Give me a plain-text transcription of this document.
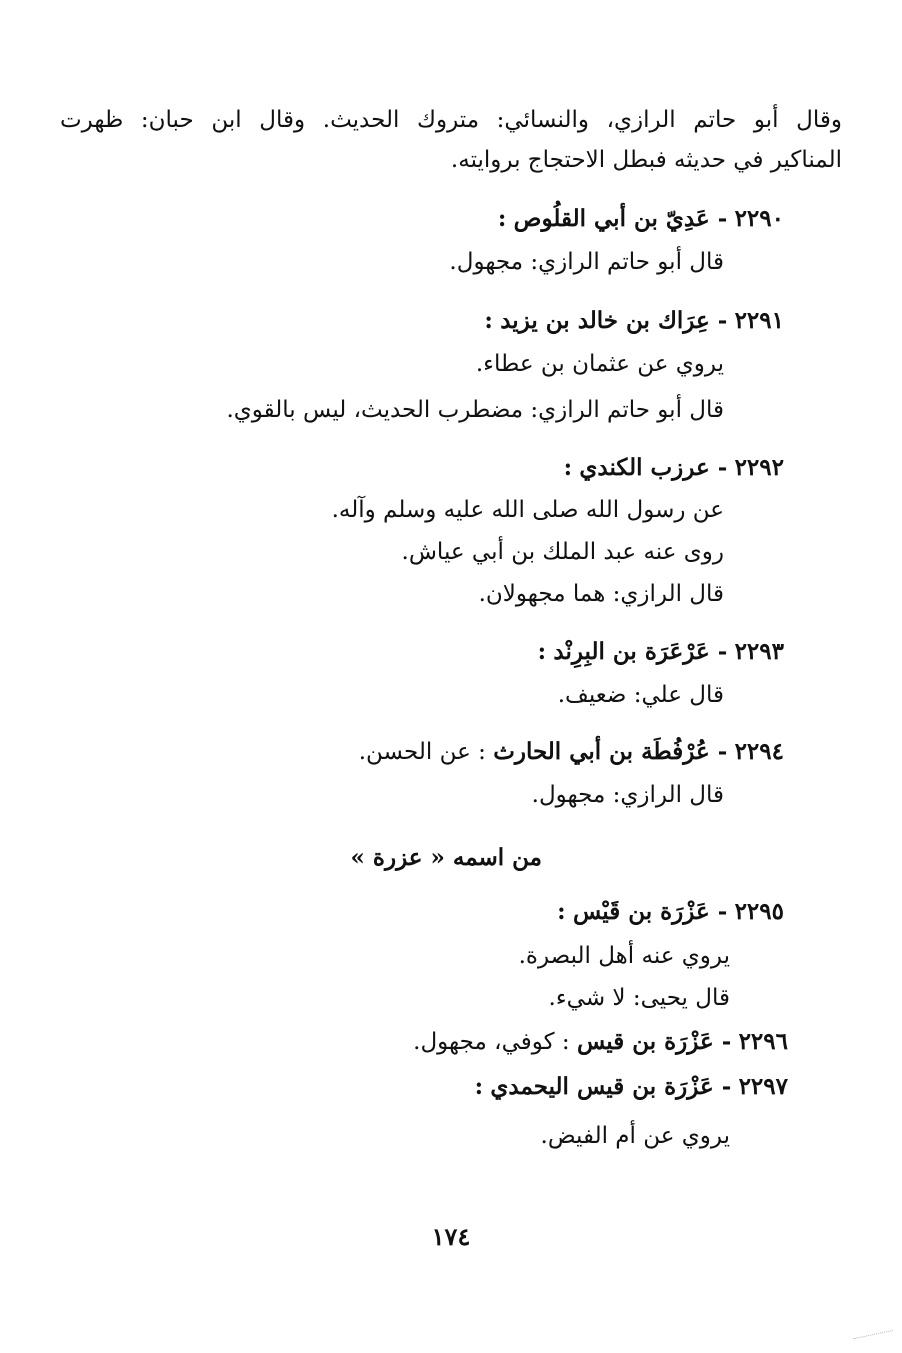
وقال أبو حاتم الرازي، والنسائي: متروك الحديث. وقال ابن حبان: ظهرت
المناكير في حديثه فبطل الاحتجاج بروايته.
٢٢٩٠ - عَدِيّ بن أبي القلُوص :
قال أبو حاتم الرازي: مجهول.
٢٢٩١ - عِرَاك بن خالد بن يزيد :
يروي عن عثمان بن عطاء.
قال أبو حاتم الرازي: مضطرب الحديث، ليس بالقوي.
٢٢٩٢ - عرزب الكندي :
عن رسول الله صلى الله عليه وسلم وآله.
روى عنه عبد الملك بن أبي عياش.
قال الرازي: هما مجهولان.
٢٢٩٣ - عَرْعَرَة بن البِرِنْد :
قال علي: ضعيف.
٢٢٩٤ - عُرْفُطَة بن أبي الحارث : عن الحسن.
قال الرازي: مجهول.
من اسمه « عزرة »
٢٢٩٥ - عَزْرَة بن قَيْس :
يروي عنه أهل البصرة.
قال يحيى: لا شيء.
٢٢٩٦ - عَزْرَة بن قيس : كوفي، مجهول.
٢٢٩٧ - عَزْرَة بن قيس اليحمدي :
يروي عن أم الفيض.
١٧٤
